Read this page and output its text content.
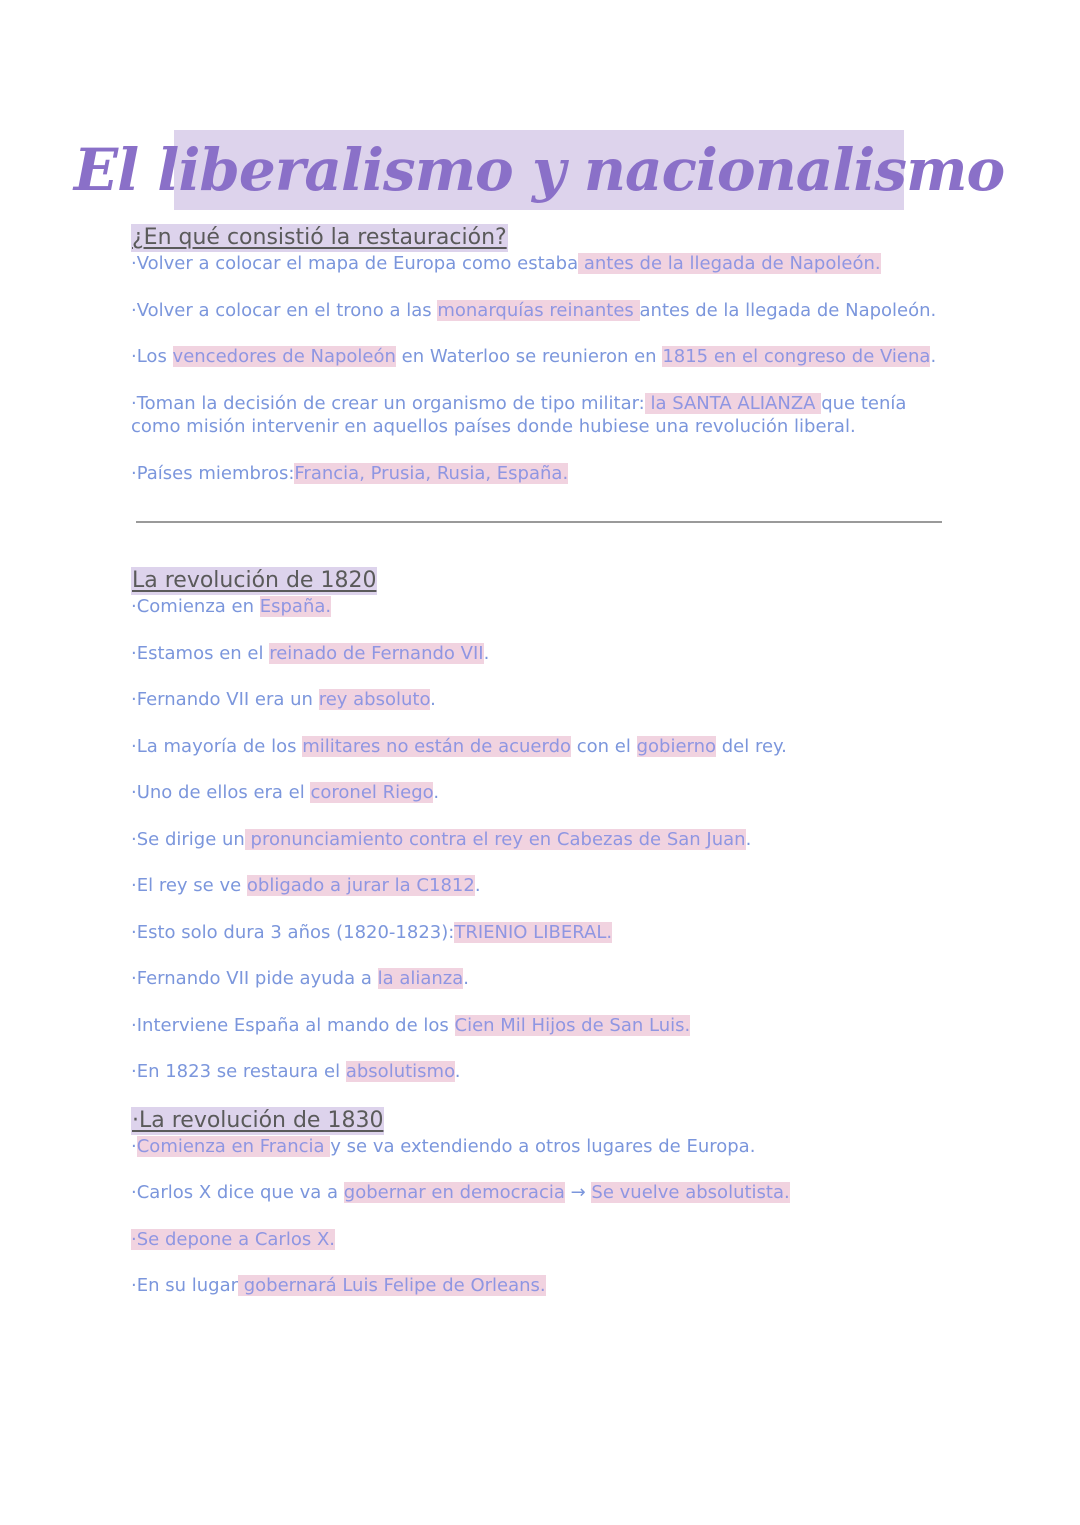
El liberalismo y nacionalismo
¿En qué consistió la restauración?

·Volver a colocar el mapa de Europa como estaba antes de la llegada de Napoleón.

·Volver a colocar en el trono a las monarquías reinantes antes de la llegada de Napoleón.

·Los vencedores de Napoleón en Waterloo se reunieron en 1815 en el congreso de Viena.

·Toman la decisión de crear un organismo de tipo militar: la SANTA ALIANZA que tenía como misión intervenir en aquellos países donde hubiese una revolución liberal.

·Países miembros:Francia, Prusia, Rusia, España.

La revolución de 1820

·Comienza en España.

·Estamos en el reinado de Fernando VII.

·Fernando VII era un rey absoluto.

·La mayoría de los militares no están de acuerdo con el gobierno del rey.

·Uno de ellos era el coronel Riego.

·Se dirige un pronunciamiento contra el rey en Cabezas de San Juan.

·El rey se ve obligado a jurar la C1812.

·Esto solo dura 3 años (1820-1823):TRIENIO LIBERAL.

·Fernando VII pide ayuda a la alianza.

·Interviene España al mando de los Cien Mil Hijos de San Luis.

·En 1823 se restaura el absolutismo.

·La revolución de 1830

·Comienza en Francia y se va extendiendo a otros lugares de Europa.

·Carlos X dice que va a gobernar en democracia → Se vuelve absolutista.

·Se depone a Carlos X.

·En su lugar gobernará Luis Felipe de Orleans.
